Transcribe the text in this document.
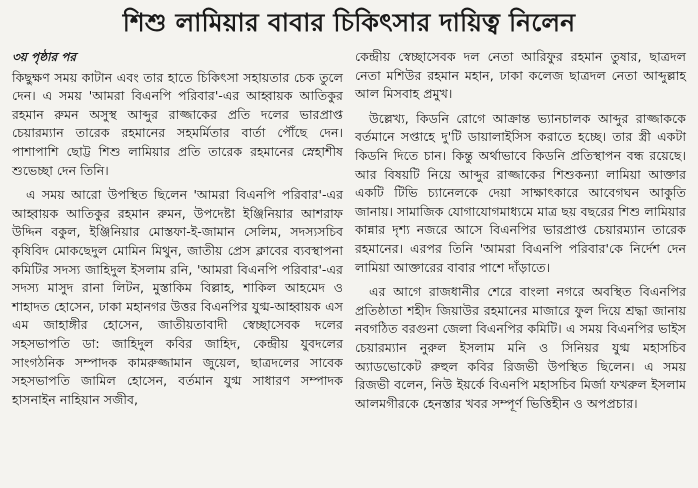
শিশু লামিয়ার বাবার চিকিৎসার দায়িত্ব নিলেন
৩য় পৃষ্ঠার পর

কিছুক্ষণ সময় কাটান এবং তার হাতে চিকিৎসা সহায়তার চেক তুলে দেন। এ সময় 'আমরা বিএনপি পরিবার'-এর আহ্বায়ক আতিকুর রহমান রুমন অসুস্থ আব্দুর রাজ্জাকের প্রতি দলের ভারপ্রাপ্ত চেয়ারম্যান তারেক রহমানের সহমর্মিতার বার্তা পৌঁছে দেন। পাশাপাশি ছোট্ট শিশু লামিয়ার প্রতি তারেক রহমানের স্নেহাশীষ শুভেচ্ছা দেন তিনি।

এ সময় আরো উপস্থিত ছিলেন 'আমরা বিএনপি পরিবার'-এর আহ্বায়ক আতিকুর রহমান রুমন, উপদেষ্টা ইঞ্জিনিয়ার আশরাফ উদ্দিন বকুল, ইঞ্জিনিয়ার মোস্তফা-ই-জামান সেলিম, সদস্যসচিব কৃষিবিদ মোকছেদুল মোমিন মিথুন, জাতীয় প্রেস ক্লাবের ব্যবস্থাপনা কমিটির সদস্য জাহিদুল ইসলাম রনি, 'আমরা বিএনপি পরিবার'-এর সদস্য মাসুদ রানা লিটন, মুস্তাকিম বিল্লাহ, শাকিল আহমেদ ও শাহাদত হোসেন, ঢাকা মহানগর উত্তর বিএনপির যুগ্ম-আহ্বায়ক এস এম জাহাঙ্গীর হোসেন, জাতীয়তাবাদী স্বেচ্ছাসেবক দলের সহসভাপতি ডা: জাহিদুল কবির জাহিদ, কেন্দ্রীয় যুবদলের সাংগঠনিক সম্পাদক কামরুজ্জামান জুয়েল, ছাত্রদলের সাবেক সহসভাপতি জামিল হোসেন, বর্তমান যুগ্ম সাধারণ সম্পাদক হাসনাইন নাহিয়ান সজীব,

কেন্দ্রীয় স্বেচ্ছাসেবক দল নেতা আরিফুর রহমান তুষার, ছাত্রদল নেতা মশিউর রহমান মহান, ঢাকা কলেজ ছাত্রদল নেতা আব্দুল্লাহ আল মিসবাহ প্রমুখ।

উল্লেখ্য, কিডনি রোগে আক্রান্ত ভ্যানচালক আব্দুর রাজ্জাককে বর্তমানে সপ্তাহে দু'টি ডায়ালাইসিস করাতে হচ্ছে। তার স্ত্রী একটা কিডনি দিতে চান। কিন্তু অর্থাভাবে কিডনি প্রতিস্থাপন বন্ধ রয়েছে। আর বিষয়টি নিয়ে আব্দুর রাজ্জাকের শিশুকন্যা লামিয়া আক্তার একটি টিভি চ্যানেলকে দেয়া সাক্ষাৎকারে আবেগঘন আকুতি জানায়। সামাজিক যোগাযোগমাধ্যমে মাত্র ছয় বছরের শিশু লামিয়ার কান্নার দৃশ্য নজরে আসে বিএনপির ভারপ্রাপ্ত চেয়ারম্যান তারেক রহমানের। এরপর তিনি 'আমরা বিএনপি পরিবার'কে নির্দেশ দেন লামিয়া আক্তারের বাবার পাশে দাঁড়াতে।

এর আগে রাজধানীর শেরে বাংলা নগরে অবস্থিত বিএনপির প্রতিষ্ঠাতা শহীদ জিয়াউর রহমানের মাজারে ফুল দিয়ে শ্রদ্ধা জানায় নবগঠিত বরগুনা জেলা বিএনপির কমিটি। এ সময় বিএনপির ভাইস চেয়ারম্যান নুরুল ইসলাম মনি ও সিনিয়র যুগ্ম মহাসচিব অ্যাডভোকেট রুহুল কবির রিজভী উপস্থিত ছিলেন। এ সময় রিজভী বলেন, নিউ ইয়র্কে বিএনপি মহাসচিব মির্জা ফখরুল ইসলাম আলমগীরকে হেনস্তার খবর সম্পূর্ণ ভিত্তিহীন ও অপপ্রচার।
